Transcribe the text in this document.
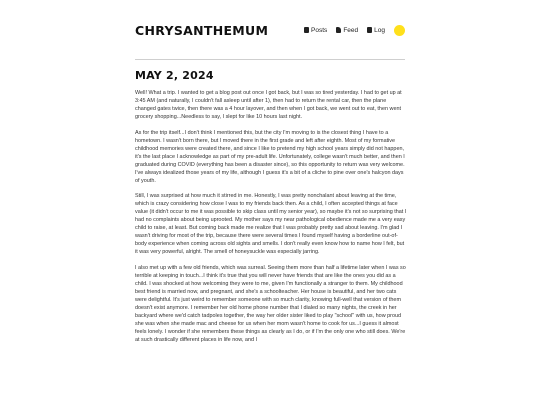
CHRYSANTHEMUM	Posts Feed Log
MAY 2, 2024

Well! What a trip. I wanted to get a blog post out once I got back, but I was so tired yesterday. I had to get up at 3:45 AM (and naturally, I couldn't fall asleep until after 1), then had to return the rental car, then the plane changed gates twice, then there was a 4 hour layover, and then when I got back, we went out to eat, then went grocery shopping...Needless to say, I slept for like 10 hours last night.

As for the trip itself...I don't think I mentioned this, but the city I'm moving to is the closest thing I have to a hometown. I wasn't born there, but I moved there in the first grade and left after eighth. Most of my formative childhood memories were created there, and since I like to pretend my high school years simply did not happen, it's the last place I acknowledge as part of my pre-adult life. Unfortunately, college wasn't much better, and then I graduated during COVID (everything has been a disaster since), so this opportunity to return was very welcome. I've always idealized those years of my life, although I guess it's a bit of a cliche to pine over one's halcyon days of youth.

Still, I was surprised at how much it stirred in me. Honestly, I was pretty nonchalant about leaving at the time, which is crazy considering how close I was to my friends back then. As a child, I often accepted things at face value (it didn't occur to me it was possible to skip class until my senior year), so maybe it's not so surprising that I had no complaints about being uprooted. My mother says my near pathological obedience made me a very easy child to raise, at least. But coming back made me realize that I was probably pretty sad about leaving. I'm glad I wasn't driving for most of the trip, because there were several times I found myself having a borderline out-of-body experience when coming across old sights and smells. I don't really even know how to name how I felt, but it was very powerful, alright. The smell of honeysuckle was especially jarring.

I also met up with a few old friends, which was surreal. Seeing them more than half a lifetime later when I was so terrible at keeping in touch...I think it's true that you will never have friends that are like the ones you did as a child. I was shocked at how welcoming they were to me, given I'm functionally a stranger to them. My childhood best friend is married now, and pregnant, and she's a schoolteacher. Her house is beautiful, and her two cats were delightful. It's just weird to remember someone with so much clarity, knowing full-well that version of them doesn't exist anymore. I remember her old home phone number that I dialed so many nights, the creek in her backyard where we'd catch tadpoles together, the way her older sister liked to play "school" with us, how proud she was when she made mac and cheese for us when her mom wasn't home to cook for us...I guess it almost feels lonely. I wonder if she remembers these things as clearly as I do, or if I'm the only one who still does. We're at such drastically different places in life now, and I
